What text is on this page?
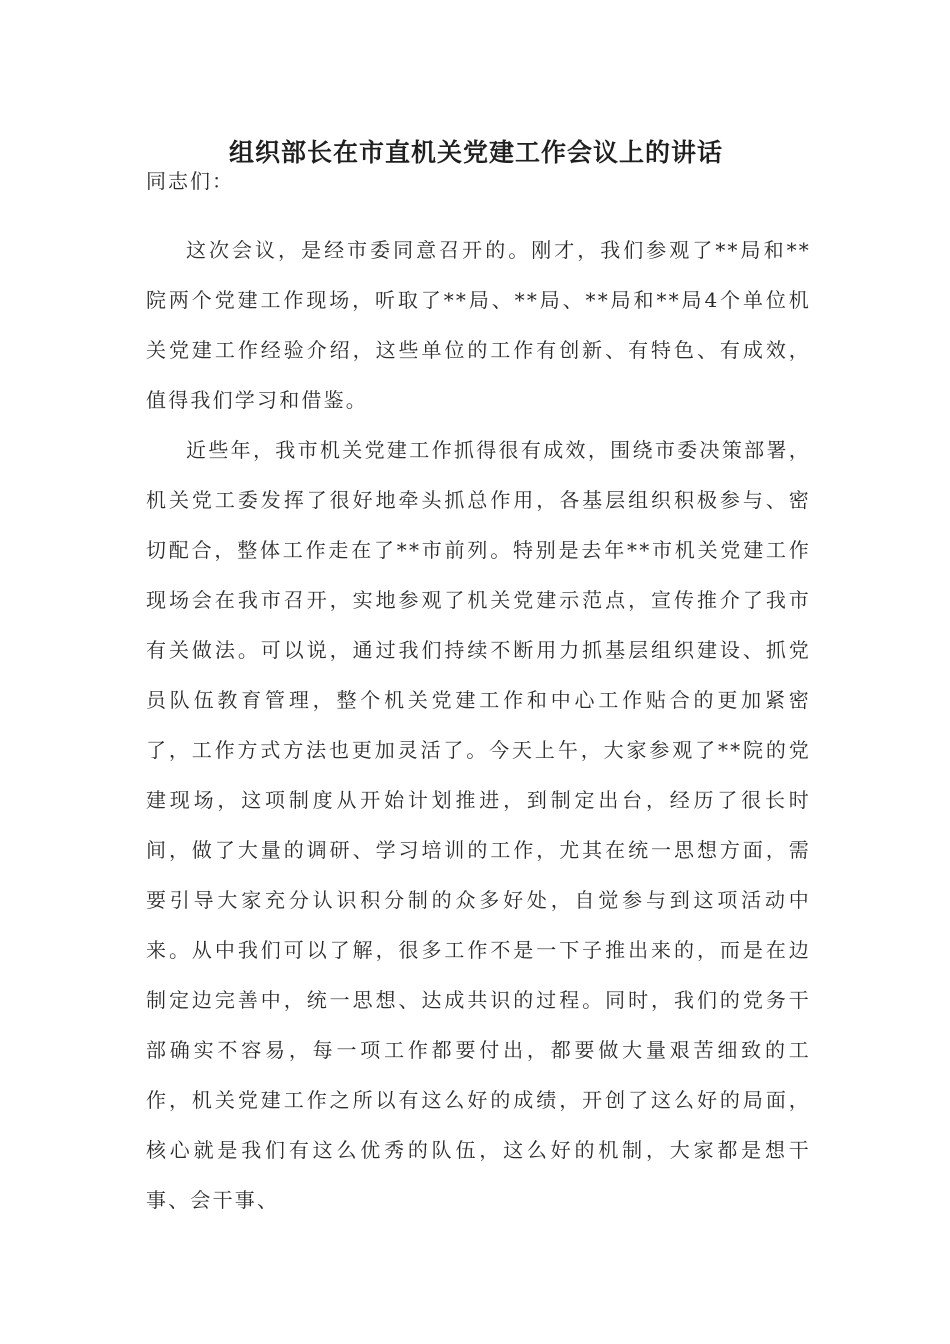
组织部长在市直机关党建工作会议上的讲话

同志们：

这次会议，是经市委同意召开的。刚才，我们参观了**局和**院两个党建工作现场，听取了**局、**局、**局和**局4个单位机关党建工作经验介绍，这些单位的工作有创新、有特色、有成效，值得我们学习和借鉴。

近些年，我市机关党建工作抓得很有成效，围绕市委决策部署，机关党工委发挥了很好地牵头抓总作用，各基层组织积极参与、密切配合，整体工作走在了**市前列。特别是去年**市机关党建工作现场会在我市召开，实地参观了机关党建示范点，宣传推介了我市有关做法。可以说，通过我们持续不断用力抓基层组织建设、抓党员队伍教育管理，整个机关党建工作和中心工作贴合的更加紧密了，工作方式方法也更加灵活了。今天上午，大家参观了**院的党建现场，这项制度从开始计划推进，到制定出台，经历了很长时间，做了大量的调研、学习培训的工作，尤其在统一思想方面，需要引导大家充分认识积分制的众多好处，自觉参与到这项活动中来。从中我们可以了解，很多工作不是一下子推出来的，而是在边制定边完善中，统一思想、达成共识的过程。同时，我们的党务干部确实不容易，每一项工作都要付出，都要做大量艰苦细致的工作，机关党建工作之所以有这么好的成绩，开创了这么好的局面，核心就是我们有这么优秀的队伍，这么好的机制，大家都是想干事、会干事、
